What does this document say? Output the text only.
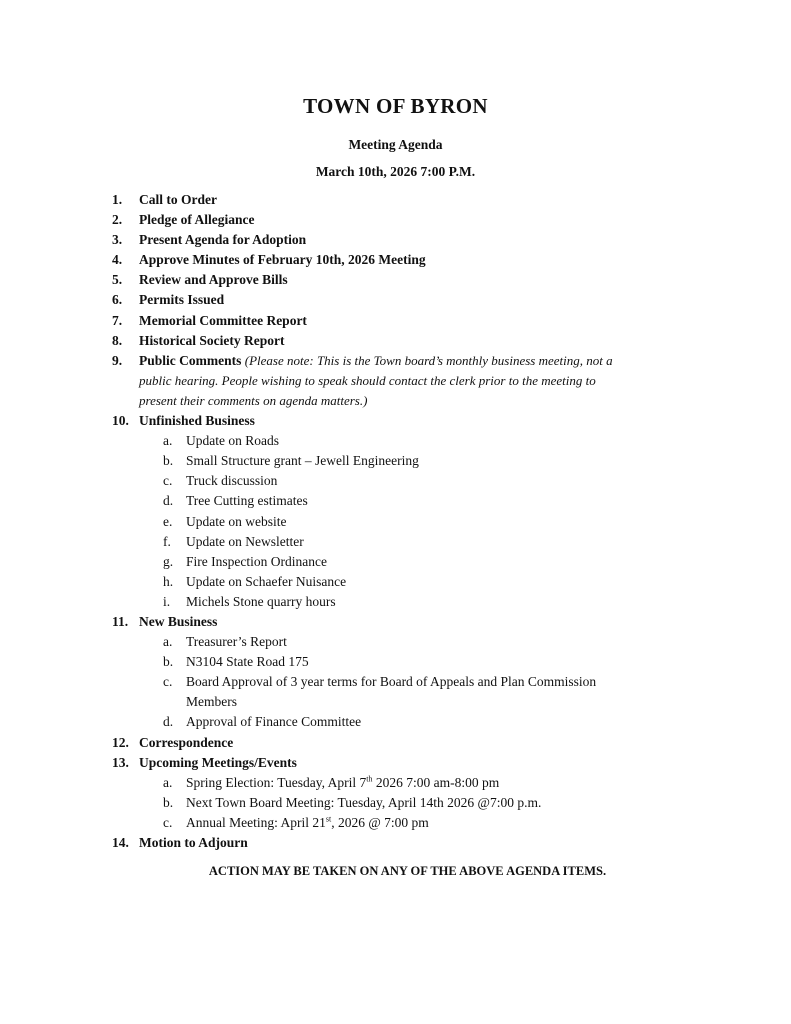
TOWN OF BYRON
Meeting Agenda
March 10th, 2026 7:00 P.M.
1.	Call to Order
2.	Pledge of Allegiance
3.	Present Agenda for Adoption
4.	Approve Minutes of February 10th, 2026 Meeting
5.	Review and Approve Bills
6.	Permits Issued
7.	Memorial Committee Report
8.	Historical Society Report
9.	Public Comments (Please note: This is the Town board’s monthly business meeting, not a
public hearing. People wishing to speak should contact the clerk prior to the meeting to
present their comments on agenda matters.)
10. Unfinished Business
a.	Update on Roads
b. Small Structure grant – Jewell Engineering
c.	Truck discussion
d. Tree Cutting estimates
e.	Update on website
f.	Update on Newsletter
g. Fire Inspection Ordinance
h. Update on Schaefer Nuisance
i.	Michels Stone quarry hours
11. New Business
a.	Treasurer’s Report
b. N3104 State Road 175
c.	Board Approval of 3 year terms for Board of Appeals and Plan Commission
Members
d. Approval of Finance Committee
12. Correspondence
13. Upcoming Meetings/Events
a.	Spring Election: Tuesday, April 7th 2026 7:00 am-8:00 pm
b. Next Town Board Meeting: Tuesday, April 14th 2026 @7:00 p.m.
c.	Annual Meeting: April 21st, 2026 @ 7:00 pm
14. Motion to Adjourn
ACTION MAY BE TAKEN ON ANY OF THE ABOVE AGENDA ITEMS.
